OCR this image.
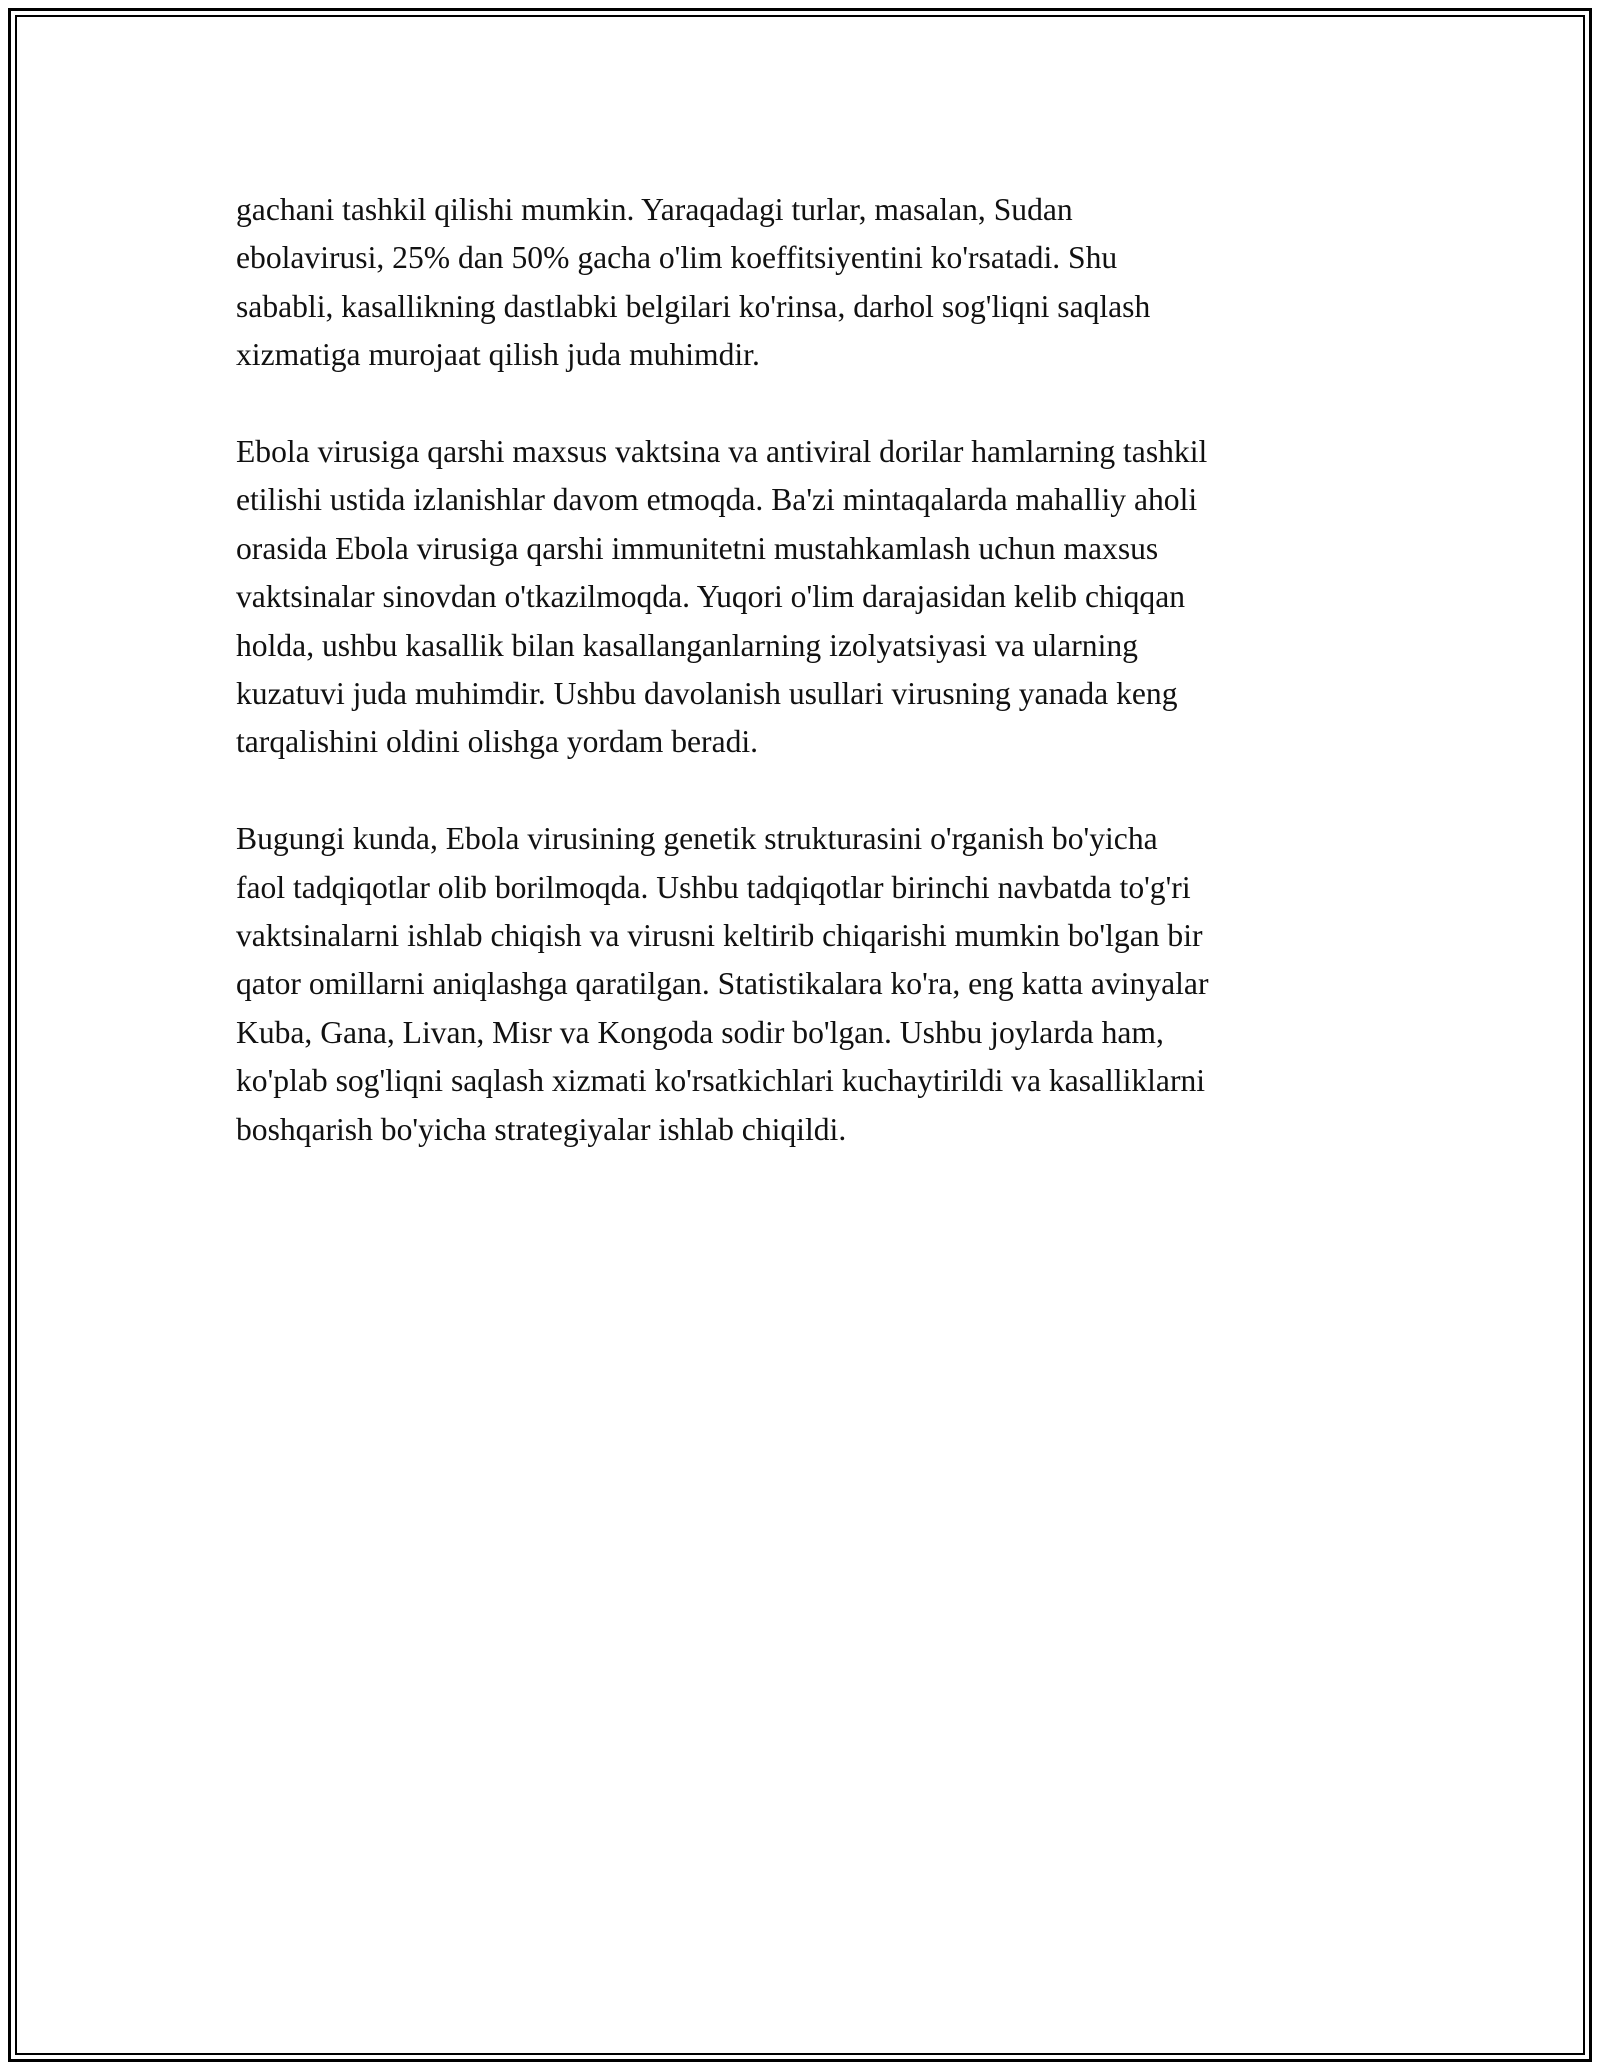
gachani tashkil qilishi mumkin. Yaraqadagi turlar, masalan, Sudan
ebolavirusi, 25% dan 50% gacha o'lim koeffitsiyentini ko'rsatadi. Shu
sababli, kasallikning dastlabki belgilari ko'rinsa, darhol sog'liqni saqlash
xizmatiga murojaat qilish juda muhimdir.

Ebola virusiga qarshi maxsus vaktsina va antiviral dorilar hamlarning tashkil
etilishi ustida izlanishlar davom etmoqda. Ba'zi mintaqalarda mahalliy aholi
orasida Ebola virusiga qarshi immunitetni mustahkamlash uchun maxsus
vaktsinalar sinovdan o'tkazilmoqda. Yuqori o'lim darajasidan kelib chiqqan
holda, ushbu kasallik bilan kasallanganlarning izolyatsiyasi va ularning
kuzatuvi juda muhimdir. Ushbu davolanish usullari virusning yanada keng
tarqalishini oldini olishga yordam beradi.

Bugungi kunda, Ebola virusining genetik strukturasini o'rganish bo'yicha
faol tadqiqotlar olib borilmoqda. Ushbu tadqiqotlar birinchi navbatda to'g'ri
vaktsinalarni ishlab chiqish va virusni keltirib chiqarishi mumkin bo'lgan bir
qator omillarni aniqlashga qaratilgan. Statistikalara ko'ra, eng katta avinyalar
Kuba, Gana, Livan, Misr va Kongoda sodir bo'lgan. Ushbu joylarda ham,
ko'plab sog'liqni saqlash xizmati ko'rsatkichlari kuchaytirildi va kasalliklarni
boshqarish bo'yicha strategiyalar ishlab chiqildi.
